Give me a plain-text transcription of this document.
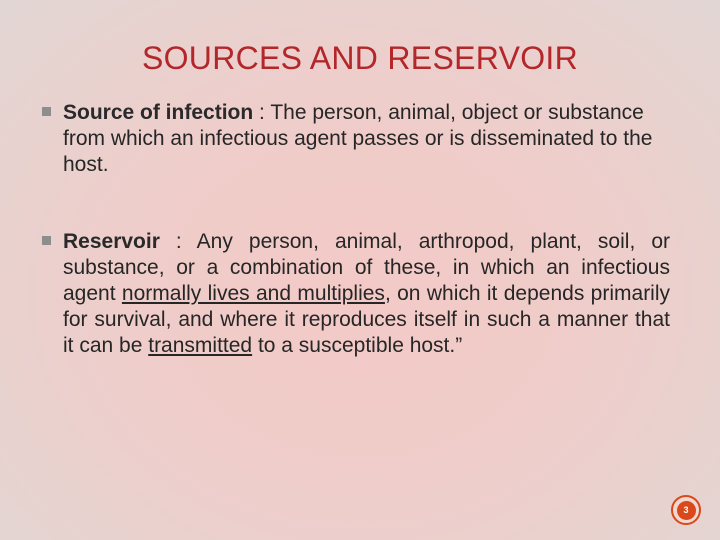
SOURCES AND RESERVOIR
Source of infection : The person, animal, object or substance from which an infectious agent passes or is disseminated to the host.
Reservoir : Any person, animal, arthropod, plant, soil, or substance, or a combination of these, in which an infectious agent normally lives and multiplies, on which it depends primarily for survival, and where it reproduces itself in such a manner that it can be transmitted to a susceptible host.”
3
